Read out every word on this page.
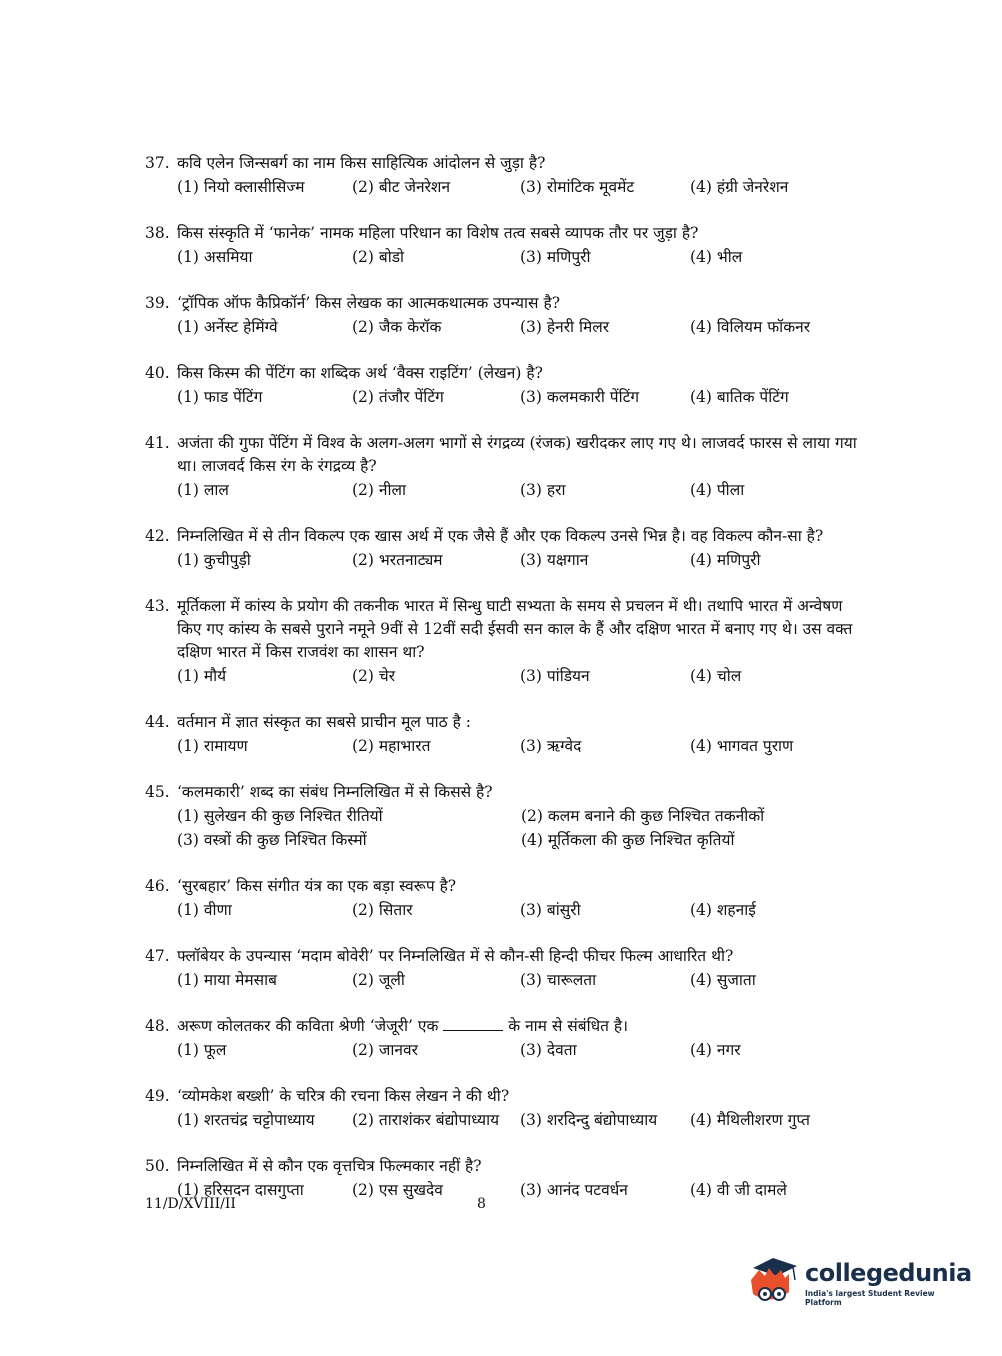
37. कवि एलेन जिन्सबर्ग का नाम किस साहित्यिक आंदोलन से जुड़ा है?
(1) नियो क्लासीसिज्म	(2) बीट जेनरेशन	(3) रोमांटिक मूवमेंट	(4) हंग्री जेनरेशन
38. किस संस्कृति में ‘फानेक’ नामक महिला परिधान का विशेष तत्व सबसे व्यापक तौर पर जुड़ा है?
(1) असमिया	(2) बोडो	(3) मणिपुरी	(4) भील
39. ‘ट्रॉपिक ऑफ कैप्रिकॉर्न’ किस लेखक का आत्मकथात्मक उपन्यास है?
(1) अर्नेस्ट हेमिंग्वे	(2) जैक केरॉक	(3) हेनरी मिलर	(4) विलियम फॉकनर
40. किस किस्म की पेंटिंग का शब्दिक अर्थ ‘वैक्स राइटिंग’ (लेखन) है?
(1) फाड पेंटिंग	(2) तंजौर पेंटिंग	(3) कलमकारी पेंटिंग	(4) बातिक पेंटिंग
41. अजंता की गुफा पेंटिंग में विश्व के अलग-अलग भागों से रंगद्रव्य (रंजक) खरीदकर लाए गए थे। लाजवर्द फारस से लाया गया था। लाजवर्द किस रंग के रंगद्रव्य है?
(1) लाल	(2) नीला	(3) हरा	(4) पीला
42. निम्नलिखित में से तीन विकल्प एक खास अर्थ में एक जैसे हैं और एक विकल्प उनसे भिन्न है। वह विकल्प कौन-सा है?
(1) कुचीपुड़ी	(2) भरतनाट्यम	(3) यक्षगान	(4) मणिपुरी
43. मूर्तिकला में कांस्य के प्रयोग की तकनीक भारत में सिन्धु घाटी सभ्यता के समय से प्रचलन में थी। तथापि भारत में अन्वेषण किए गए कांस्य के सबसे पुराने नमूने 9वीं से 12वीं सदी ईसवी सन काल के हैं और दक्षिण भारत में बनाए गए थे। उस वक्त दक्षिण भारत में किस राजवंश का शासन था?
(1) मौर्य	(2) चेर	(3) पांडियन	(4) चोल
44. वर्तमान में ज्ञात संस्कृत का सबसे प्राचीन मूल पाठ है :
(1) रामायण	(2) महाभारत	(3) ऋग्वेद	(4) भागवत पुराण
45. ‘कलमकारी’ शब्द का संबंध निम्नलिखित में से किससे है?
(1) सुलेखन की कुछ निश्चित रीतियों	(2) कलम बनाने की कुछ निश्चित तकनीकों
(3) वस्त्रों की कुछ निश्चित किस्मों	(4) मूर्तिकला की कुछ निश्चित कृतियों
46. ‘सुरबहार’ किस संगीत यंत्र का एक बड़ा स्वरूप है?
(1) वीणा	(2) सितार	(3) बांसुरी	(4) शहनाई
47. फ्लॉबेयर के उपन्यास ‘मदाम बोवेरी’ पर निम्नलिखित में से कौन-सी हिन्दी फीचर फिल्म आधारित थी?
(1) माया मेमसाब	(2) जूली	(3) चारूलता	(4) सुजाता
48. अरूण कोलतकर की कविता श्रेणी ‘जेजूरी’ एक	के नाम से संबंधित है।
(1) फूल	(2) जानवर	(3) देवता	(4) नगर
49. ‘व्योमकेश बख्शी’ के चरित्र की रचना किस लेखन ने की थी?
(1) शरतचंद्र चट्टोपाध्याय	(2) ताराशंकर बंद्योपाध्याय	(3) शरदिन्दु बंद्योपाध्याय	(4) मैथिलीशरण गुप्त
50. निम्नलिखित में से कौन एक वृत्तचित्र फिल्मकार नहीं है?
(1) हरिसदन दासगुप्ता	(2) एस सुखदेव	(3) आनंद पटवर्धन	(4) वी जी दामले
11/D/XVIII/II	8
collegedunia
India's largest Student Review Platform
